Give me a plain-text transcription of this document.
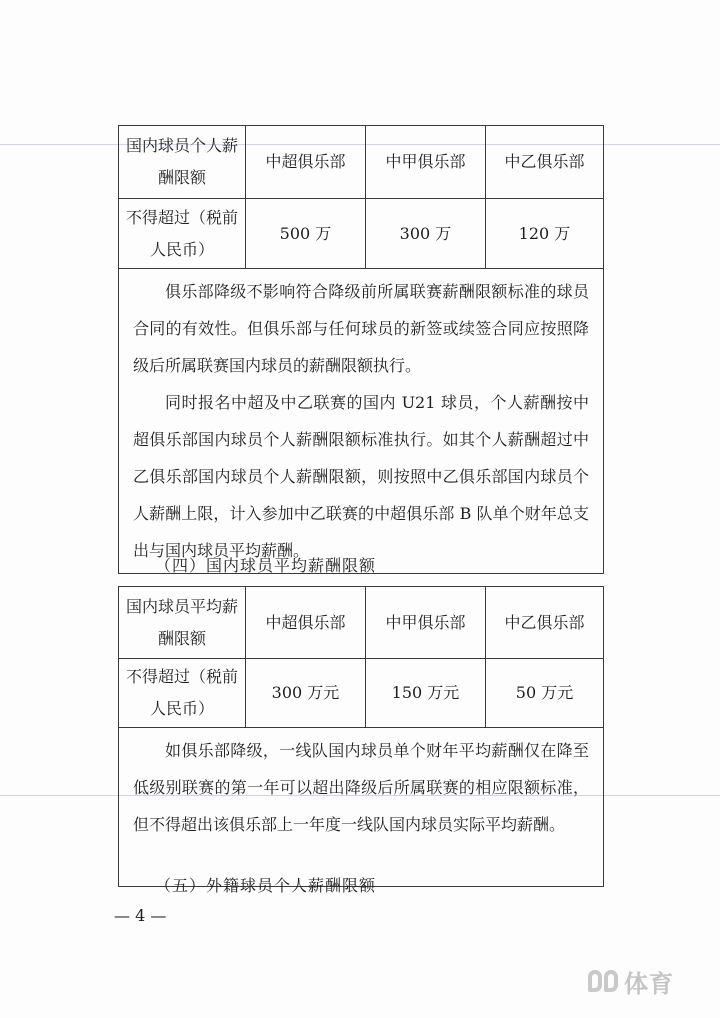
国内球员个人薪酬限额	中超俱乐部	中甲俱乐部	中乙俱乐部
不得超过（税前人民币）	500 万	300 万	120 万

俱乐部降级不影响符合降级前所属联赛薪酬限额标准的球员合同的有效性。但俱乐部与任何球员的新签或续签合同应按照降级后所属联赛国内球员的薪酬限额执行。

同时报名中超及中乙联赛的国内 U21 球员，个人薪酬按中超俱乐部国内球员个人薪酬限额标准执行。如其个人薪酬超过中乙俱乐部国内球员个人薪酬限额，则按照中乙俱乐部国内球员个人薪酬上限，计入参加中乙联赛的中超俱乐部 B 队单个财年总支出与国内球员平均薪酬。			

（四）国内球员平均薪酬限额
国内球员平均薪酬限额	中超俱乐部	中甲俱乐部	中乙俱乐部
不得超过（税前人民币）	300 万元	150 万元	50 万元

如俱乐部降级，一线队国内球员单个财年平均薪酬仅在降至低级别联赛的第一年可以超出降级后所属联赛的相应限额标准，但不得超出该俱乐部上一年度一线队国内球员实际平均薪酬。			

（五）外籍球员个人薪酬限额
— 4 —
体育
